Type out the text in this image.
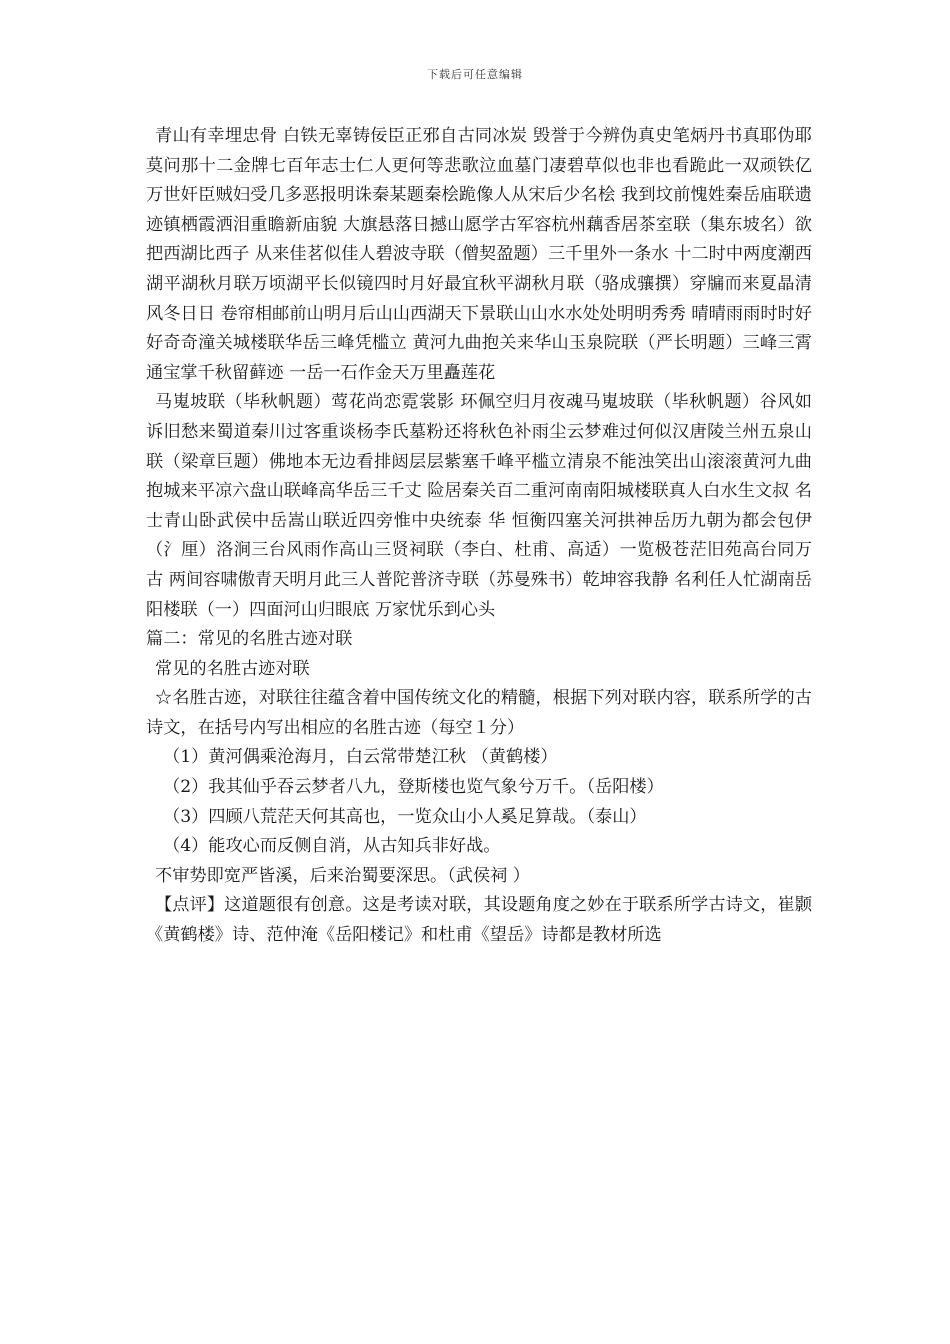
下载后可任意编辑

青山有幸埋忠骨 白铁无辜铸佞臣正邪自古同冰炭 毁誉于今辨伪真史笔炳丹书真耶伪耶莫问那十二金牌七百年志士仁人更何等悲歌泣血墓门凄碧草似也非也看跪此一双顽铁亿万世奸臣贼妇受几多恶报明诛秦某题秦桧跪像人从宋后少名桧 我到坟前愧姓秦岳庙联遗迹镇栖霞洒泪重瞻新庙貌 大旗悬落日撼山愿学古军容杭州藕香居茶室联（集东坡名）欲把西湖比西子 从来佳茗似佳人碧波寺联（僧契盈题）三千里外一条水 十二时中两度潮西湖平湖秋月联万顷湖平长似镜四时月好最宜秋平湖秋月联（骆成骧撰）穿牖而来夏晶清风冬日日 卷帘相邮前山明月后山山西湖天下景联山山水水处处明明秀秀 晴晴雨雨时时好好奇奇潼关城楼联华岳三峰凭槛立 黄河九曲抱关来华山玉泉院联（严长明题）三峰三霄通宝掌千秋留藓迹 一岳一石作金天万里矗莲花

马嵬坡联（毕秋帆题）莺花尚恋霓裳影 环佩空归月夜魂马嵬坡联（毕秋帆题）谷风如诉旧愁来蜀道秦川过客重谈杨李氏墓粉还将秋色补雨尘云梦难过何似汉唐陵兰州五泉山联（梁章巨题）佛地本无边看排闼层层紫塞千峰平槛立清泉不能浊笑出山滚滚黄河九曲抱城来平凉六盘山联峰高华岳三千丈 险居秦关百二重河南南阳城楼联真人白水生文叔 名士青山卧武侯中岳嵩山联近四旁惟中央统泰 华 恒衡四塞关河拱神岳历九朝为都会包伊（氵厘）洛涧三台风雨作高山三贤祠联（李白、杜甫、高适）一览极苍茫旧苑高台同万古 两间容啸傲青天明月此三人普陀普济寺联（苏曼殊书）乾坤容我静 名利任人忙湖南岳阳楼联（一）四面河山归眼底 万家忧乐到心头

篇二：常见的名胜古迹对联

常见的名胜古迹对联

☆名胜古迹，对联往往蕴含着中国传统文化的精髓，根据下列对联内容，联系所学的古诗文，在括号内写出相应的名胜古迹（每空１分）

（1）黄河偶乘沧海月，白云常带楚江秋 （黄鹤楼）

（2）我其仙乎吞云梦者八九，登斯楼也览气象兮万千。（岳阳楼）

（3）四顾八荒茫天何其高也，一览众山小人奚足算哉。（泰山）

（4）能攻心而反侧自消，从古知兵非好战。

不审势即宽严皆溪，后来治蜀要深思。（武侯祠 ）

【点评】这道题很有创意。这是考读对联，其设题角度之妙在于联系所学古诗文，崔颢《黄鹤楼》诗、范仲淹《岳阳楼记》和杜甫《望岳》诗都是教材所选
